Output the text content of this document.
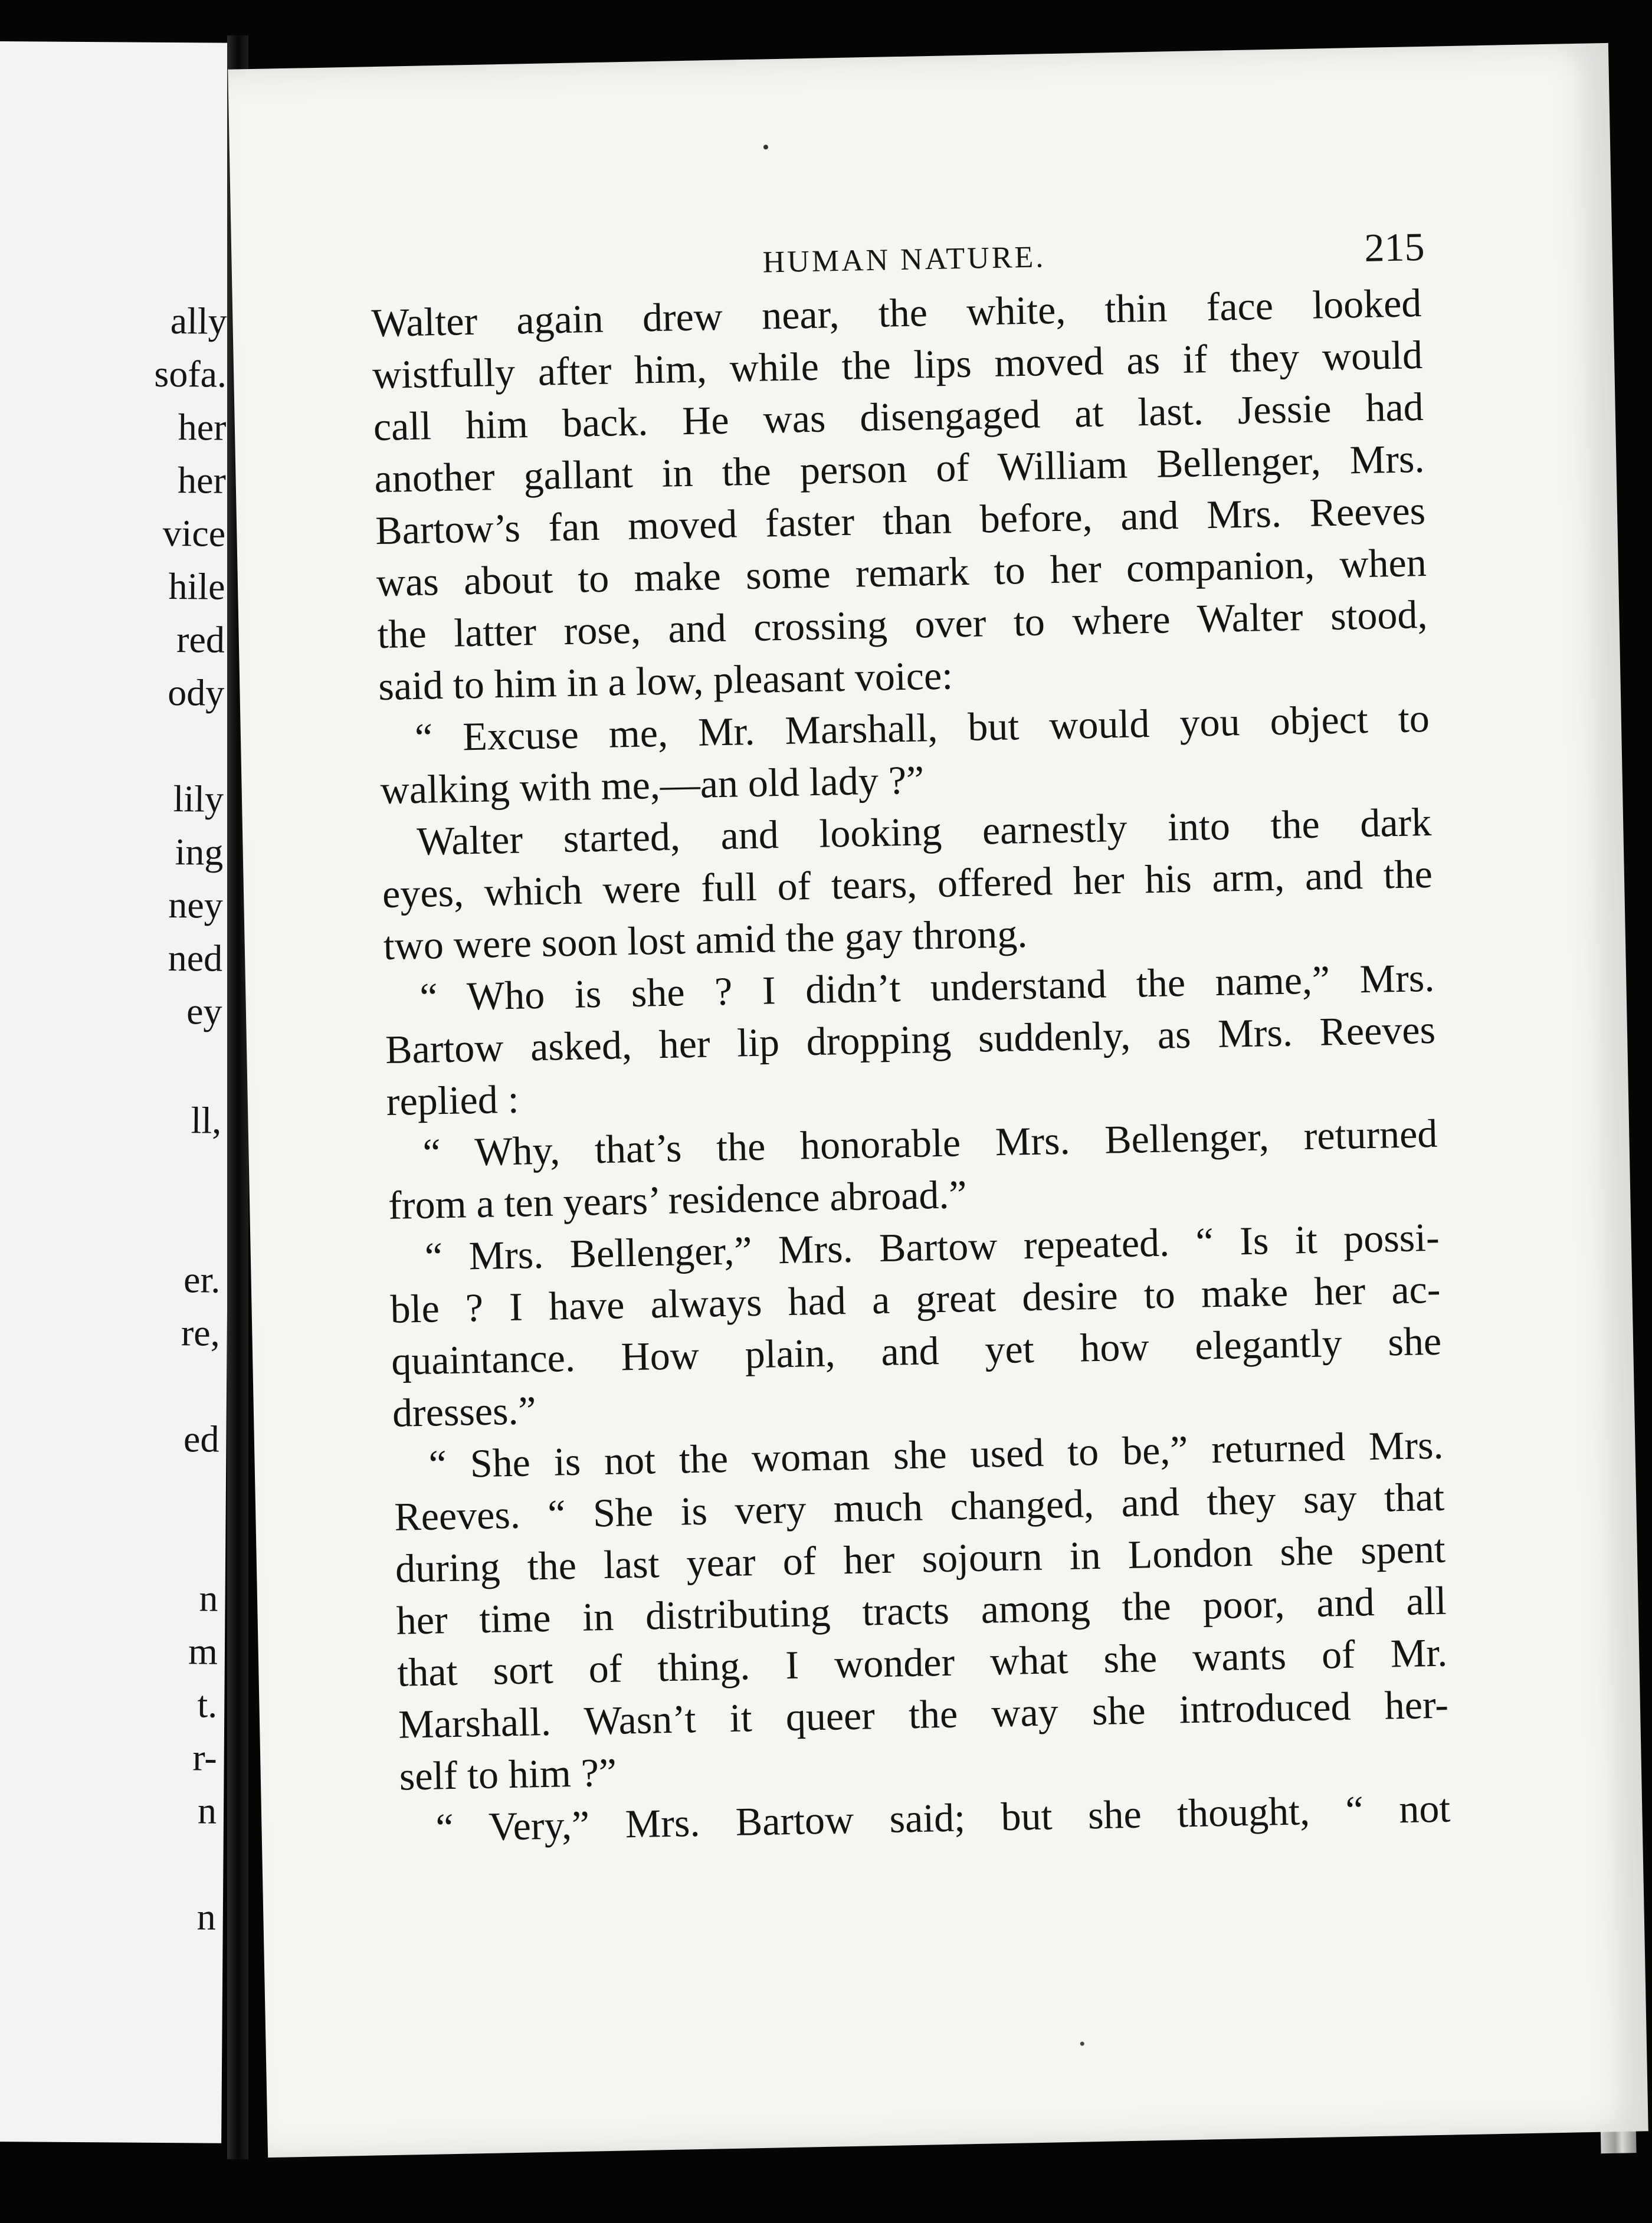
ally
sofa.
her
her
vice
hile
red
ody
lily
ing
ney
ned
ey
ll,
er.
re,
ed
n
m
t.
r-
n
n
HUMAN NATURE.	215
Walter again drew near, the white, thin face looked
wistfully after him, while the lips moved as if they would
call him back. He was disengaged at last. Jessie had
another gallant in the person of William Bellenger, Mrs.
Bartow’s fan moved faster than before, and Mrs. Reeves
was about to make some remark to her companion, when
the latter rose, and crossing over to where Walter stood,
said to him in a low, pleasant voice:
“ Excuse me, Mr. Marshall, but would you object to
walking with me,—an old lady ?”
Walter started, and looking earnestly into the dark
eyes, which were full of tears, offered her his arm, and the
two were soon lost amid the gay throng.
“ Who is she ? I didn’t understand the name,” Mrs.
Bartow asked, her lip dropping suddenly, as Mrs. Reeves
replied :
“ Why, that’s the honorable Mrs. Bellenger, returned
from a ten years’ residence abroad.”
“ Mrs. Bellenger,” Mrs. Bartow repeated. “ Is it possi-
ble ? I have always had a great desire to make her ac-
quaintance. How plain, and yet how elegantly she
dresses.”
“ She is not the woman she used to be,” returned Mrs.
Reeves. “ She is very much changed, and they say that
during the last year of her sojourn in London she spent
her time in distributing tracts among the poor, and all
that sort of thing. I wonder what she wants of Mr.
Marshall. Wasn’t it queer the way she introduced her-
self to him ?”
“ Very,” Mrs. Bartow said; but she thought, “ not
